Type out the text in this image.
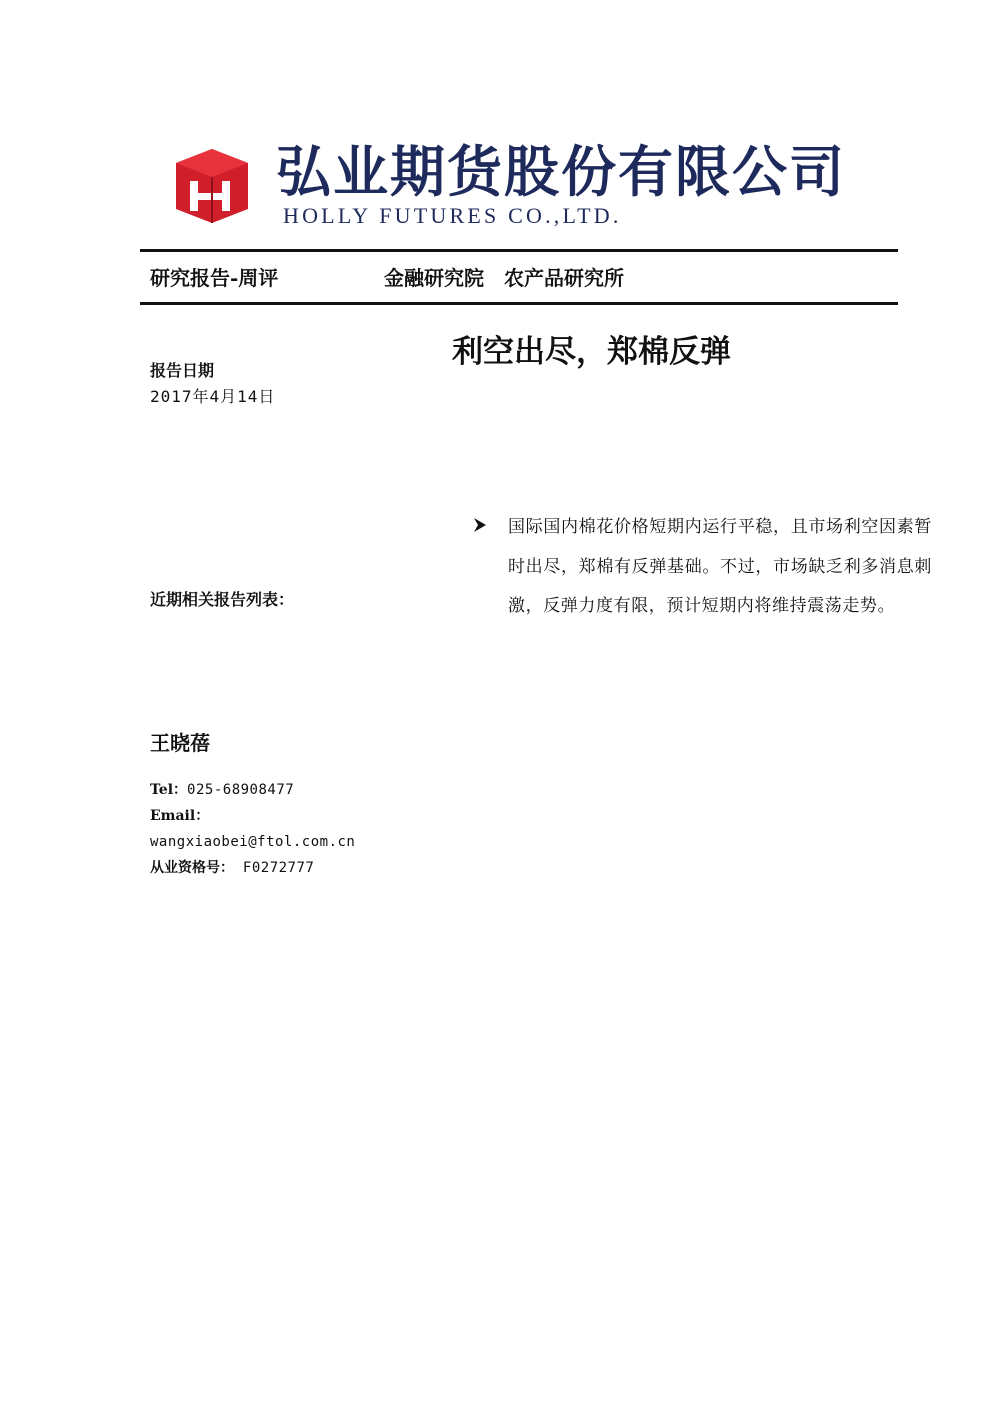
弘业期货股份有限公司
HOLLY FUTURES CO.,LTD.
研究报告-周评	金融研究院　农产品研究所
利空出尽，郑棉反弹
报告日期
2017年4月14日
近期相关报告列表：
国际国内棉花价格短期内运行平稳，且市场利空因素暂时出尽，郑棉有反弹基础。不过，市场缺乏利多消息刺激，反弹力度有限，预计短期内将维持震荡走势。
王晓蓓
Tel：025-68908477
Email：
wangxiaobei@ftol.com.cn
从业资格号： F0272777
